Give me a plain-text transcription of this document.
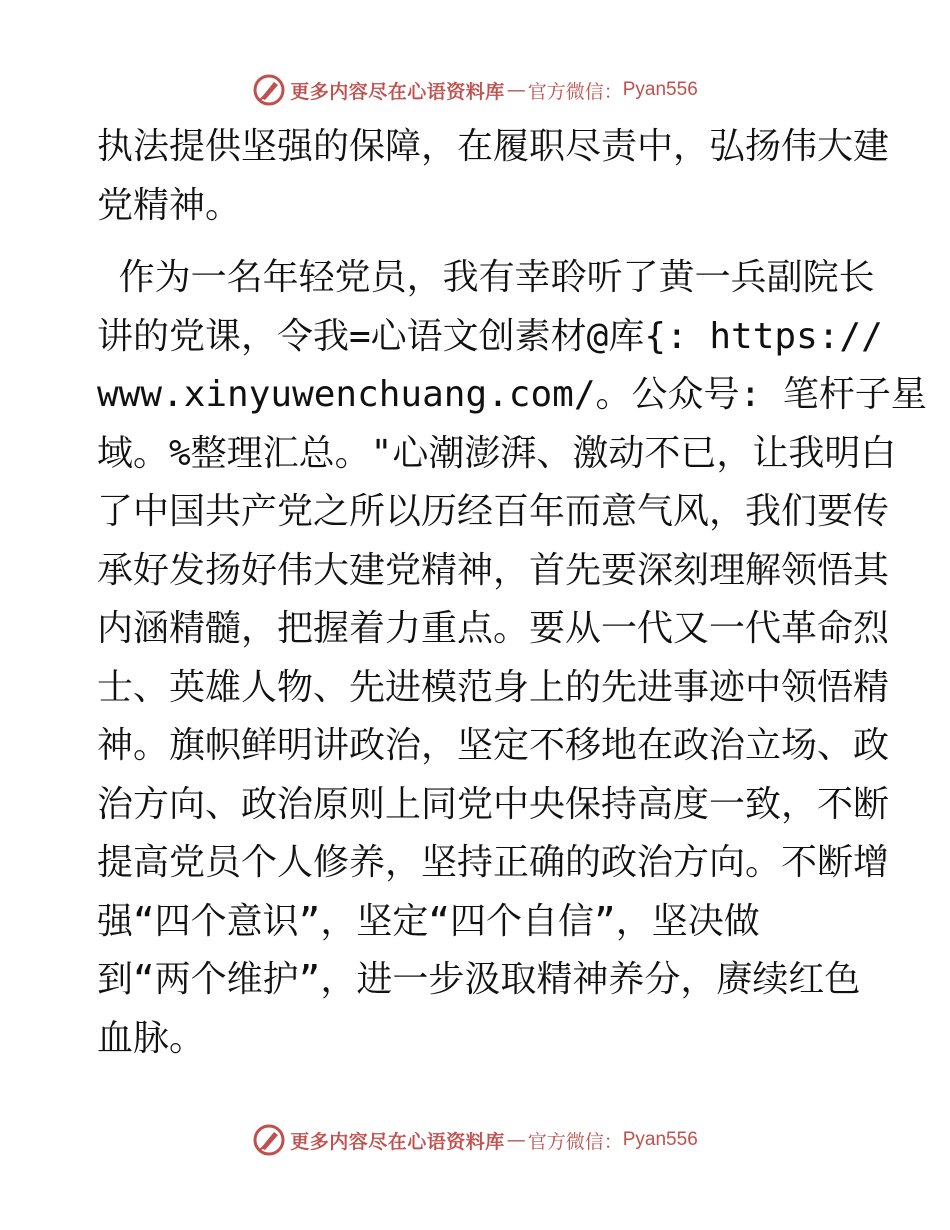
更多内容尽在心语资料库 — 官方微信： Pyan556
执法提供坚强的保障，在履职尽责中，弘扬伟大建
党精神。
作为一名年轻党员，我有幸聆听了黄一兵副院长
讲的党课，令我=心语文创素材@库{: https://
www.xinyuwenchuang.com/。公众号: 笔杆子星
域。%整理汇总。"心潮澎湃、激动不已，让我明白
了中国共产党之所以历经百年而意气风，我们要传
承好发扬好伟大建党精神，首先要深刻理解领悟其
内涵精髓，把握着力重点。要从一代又一代革命烈
士、英雄人物、先进模范身上的先进事迹中领悟精
神。旗帜鲜明讲政治，坚定不移地在政治立场、政
治方向、政治原则上同党中央保持高度一致，不断
提高党员个人修养，坚持正确的政治方向。不断增
强“四个意识”，坚定“四个自信”，坚决做
到“两个维护”，进一步汲取精神养分，赓续红色
血脉。
更多内容尽在心语资料库 — 官方微信： Pyan556
